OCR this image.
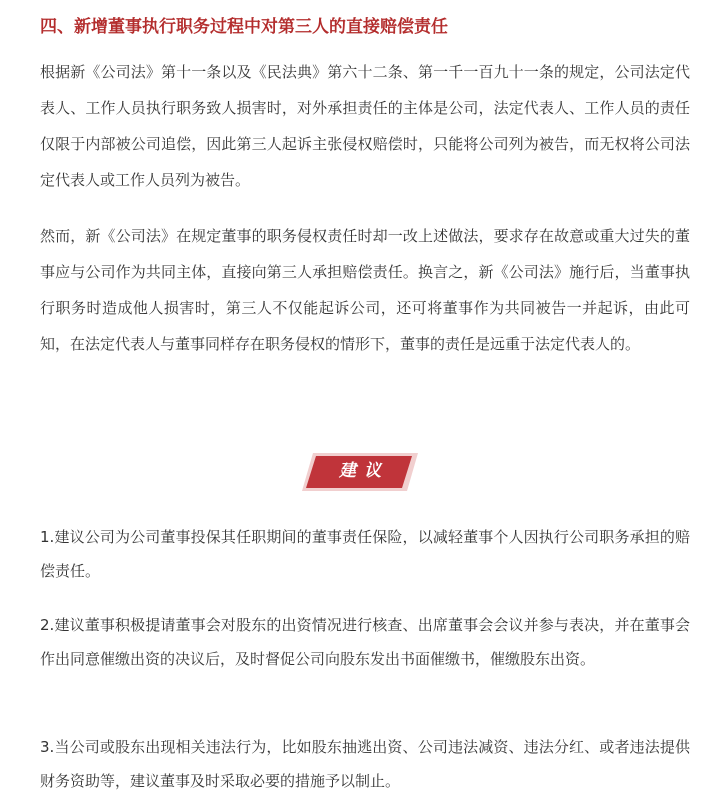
四、新增董事执行职务过程中对第三人的直接赔偿责任
根据新《公司法》第十一条以及《民法典》第六十二条、第一千一百九十一条的规定，公司法定代表人、工作人员执行职务致人损害时，对外承担责任的主体是公司，法定代表人、工作人员的责任仅限于内部被公司追偿，因此第三人起诉主张侵权赔偿时，只能将公司列为被告，而无权将公司法定代表人或工作人员列为被告。
然而，新《公司法》在规定董事的职务侵权责任时却一改上述做法，要求存在故意或重大过失的董事应与公司作为共同主体，直接向第三人承担赔偿责任。换言之，新《公司法》施行后，当董事执行职务时造成他人损害时，第三人不仅能起诉公司，还可将董事作为共同被告一并起诉，由此可知，在法定代表人与董事同样存在职务侵权的情形下，董事的责任是远重于法定代表人的。
建议
1.建议公司为公司董事投保其任职期间的董事责任保险，以减轻董事个人因执行公司职务承担的赔偿责任。
2.建议董事积极提请董事会对股东的出资情况进行核查、出席董事会会议并参与表决，并在董事会作出同意催缴出资的决议后，及时督促公司向股东发出书面催缴书，催缴股东出资。
3.当公司或股东出现相关违法行为，比如股东抽逃出资、公司违法减资、违法分红、或者违法提供财务资助等，建议董事及时采取必要的措施予以制止。
